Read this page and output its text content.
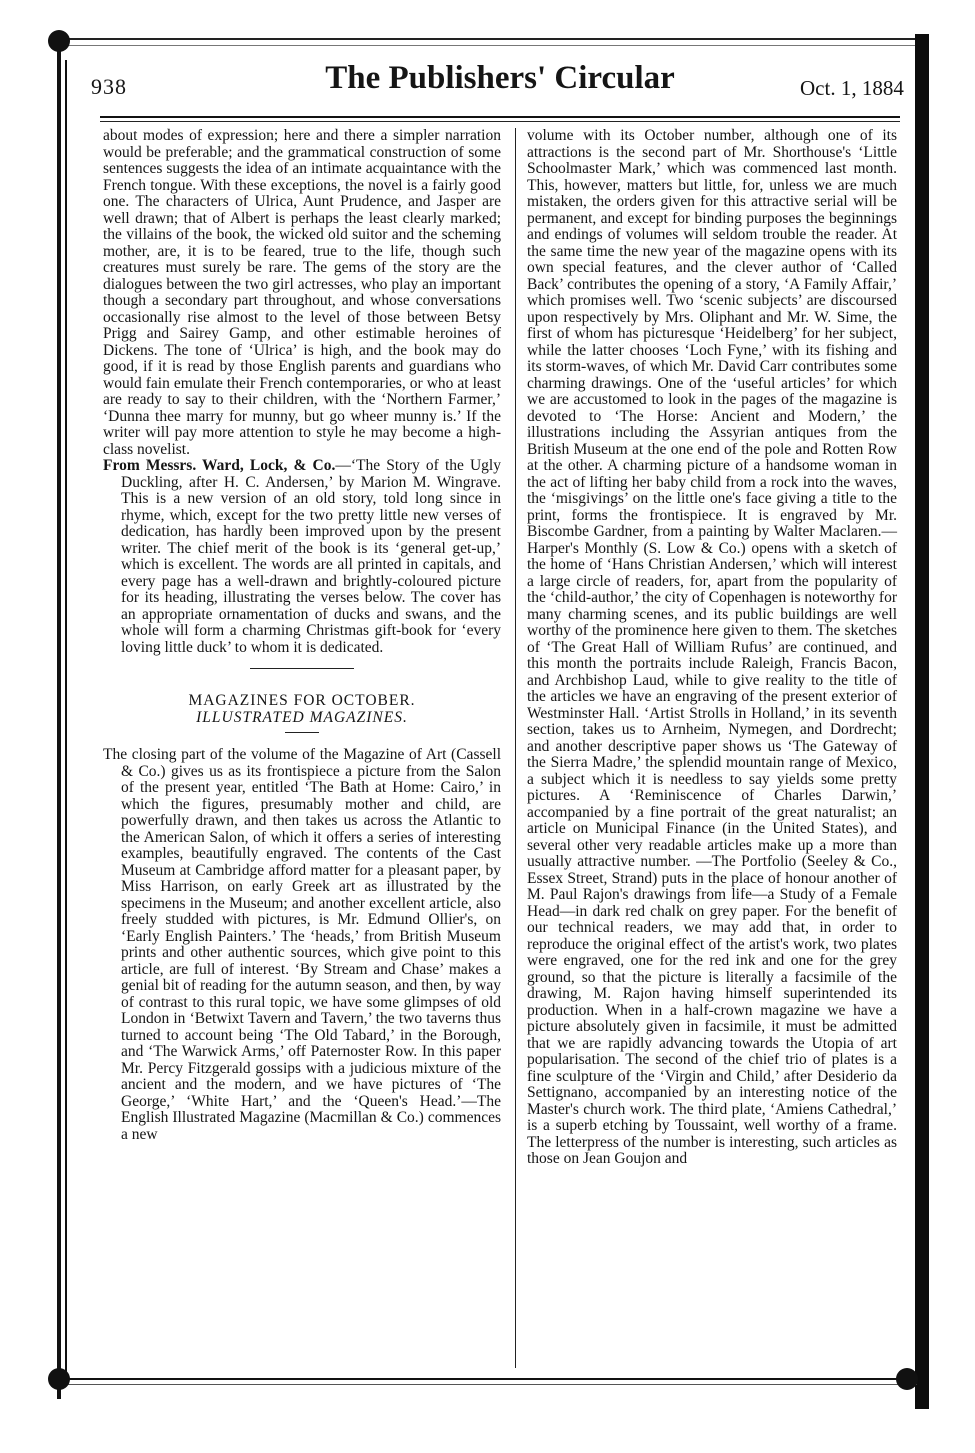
938	The Publishers' Circular	Oct. 1, 1884

about modes of expression; here and there a simpler narration would be preferable; and the grammatical construction of some sentences suggests the idea of an intimate acquaintance with the French tongue. With these exceptions, the novel is a fairly good one. The characters of Ulrica, Aunt Prudence, and Jasper are well drawn; that of Albert is perhaps the least clearly marked; the villains of the book, the wicked old suitor and the scheming mother, are, it is to be feared, true to the life, though such creatures must surely be rare. The gems of the story are the dialogues between the two girl actresses, who play an important though a secondary part throughout, and whose conversations occasionally rise almost to the level of those between Betsy Prigg and Sairey Gamp, and other estimable heroines of Dickens. The tone of ‘Ulrica’ is high, and the book may do good, if it is read by those English parents and guardians who would fain emulate their French contemporaries, or who at least are ready to say to their children, with the ‘Northern Farmer,’ ‘Dunna thee marry for munny, but go wheer munny is.’ If the writer will pay more attention to style he may become a high-class novelist.

From Messrs. Ward, Lock, & Co.—‘The Story of the Ugly Duckling, after H. C. Andersen,’ by Marion M. Wingrave. This is a new version of an old story, told long since in rhyme, which, except for the two pretty little new verses of dedication, has hardly been improved upon by the present writer. The chief merit of the book is its ‘general get-up,’ which is excellent. The words are all printed in capitals, and every page has a well-drawn and brightly-coloured picture for its heading, illustrating the verses below. The cover has an appropriate ornamentation of ducks and swans, and the whole will form a charming Christmas gift-book for ‘every loving little duck’ to whom it is dedicated.

MAGAZINES FOR OCTOBER.

ILLUSTRATED MAGAZINES.

The closing part of the volume of the Magazine of Art (Cassell & Co.) gives us as its frontispiece a picture from the Salon of the present year, entitled ‘The Bath at Home: Cairo,’ in which the figures, presumably mother and child, are powerfully drawn, and then takes us across the Atlantic to the American Salon, of which it offers a series of interesting examples, beautifully engraved. The contents of the Cast Museum at Cambridge afford matter for a pleasant paper, by Miss Harrison, on early Greek art as illustrated by the specimens in the Museum; and another excellent article, also freely studded with pictures, is Mr. Edmund Ollier's, on ‘Early English Painters.’ The ‘heads,’ from British Museum prints and other authentic sources, which give point to this article, are full of interest. ‘By Stream and Chase’ makes a genial bit of reading for the autumn season, and then, by way of contrast to this rural topic, we have some glimpses of old London in ‘Betwixt Tavern and Tavern,’ the two taverns thus turned to account being ‘The Old Tabard,’ in the Borough, and ‘The Warwick Arms,’ off Paternoster Row. In this paper Mr. Percy Fitzgerald gossips with a judicious mixture of the ancient and the modern, and we have pictures of ‘The George,’ ‘White Hart,’ and the ‘Queen's Head.’—The English Illustrated Magazine (Macmillan & Co.) commences a new

volume with its October number, although one of its attractions is the second part of Mr. Shorthouse's ‘Little Schoolmaster Mark,’ which was commenced last month. This, however, matters but little, for, unless we are much mistaken, the orders given for this attractive serial will be permanent, and except for binding purposes the beginnings and endings of volumes will seldom trouble the reader. At the same time the new year of the magazine opens with its own special features, and the clever author of ‘Called Back’ contributes the opening of a story, ‘A Family Affair,’ which promises well. Two ‘scenic subjects’ are discoursed upon respectively by Mrs. Oliphant and Mr. W. Sime, the first of whom has picturesque ‘Heidelberg’ for her subject, while the latter chooses ‘Loch Fyne,’ with its fishing and its storm-waves, of which Mr. David Carr contributes some charming drawings. One of the ‘useful articles’ for which we are accustomed to look in the pages of the magazine is devoted to ‘The Horse: Ancient and Modern,’ the illustrations including the Assyrian antiques from the British Museum at the one end of the pole and Rotten Row at the other. A charming picture of a handsome woman in the act of lifting her baby child from a rock into the waves, the ‘misgivings’ on the little one's face giving a title to the print, forms the frontispiece. It is engraved by Mr. Biscombe Gardner, from a painting by Walter Maclaren.—Harper's Monthly (S. Low & Co.) opens with a sketch of the home of ‘Hans Christian Andersen,’ which will interest a large circle of readers, for, apart from the popularity of the ‘child-author,’ the city of Copenhagen is noteworthy for many charming scenes, and its public buildings are well worthy of the prominence here given to them. The sketches of ‘The Great Hall of William Rufus’ are continued, and this month the portraits include Raleigh, Francis Bacon, and Archbishop Laud, while to give reality to the title of the articles we have an engraving of the present exterior of Westminster Hall. ‘Artist Strolls in Holland,’ in its seventh section, takes us to Arnheim, Nymegen, and Dordrecht; and another descriptive paper shows us ‘The Gateway of the Sierra Madre,’ the splendid mountain range of Mexico, a subject which it is needless to say yields some pretty pictures. A ‘Reminiscence of Charles Darwin,’ accompanied by a fine portrait of the great naturalist; an article on Municipal Finance (in the United States), and several other very readable articles make up a more than usually attractive number. —The Portfolio (Seeley & Co., Essex Street, Strand) puts in the place of honour another of M. Paul Rajon's drawings from life—a Study of a Female Head—in dark red chalk on grey paper. For the benefit of our technical readers, we may add that, in order to reproduce the original effect of the artist's work, two plates were engraved, one for the red ink and one for the grey ground, so that the picture is literally a facsimile of the drawing, M. Rajon having himself superintended its production. When in a half-crown magazine we have a picture absolutely given in facsimile, it must be admitted that we are rapidly advancing towards the Utopia of art popularisation. The second of the chief trio of plates is a fine sculpture of the ‘Virgin and Child,’ after Desiderio da Settignano, accompanied by an interesting notice of the Master's church work. The third plate, ‘Amiens Cathedral,’ is a superb etching by Toussaint, well worthy of a frame. The letterpress of the number is interesting, such articles as those on Jean Goujon and
